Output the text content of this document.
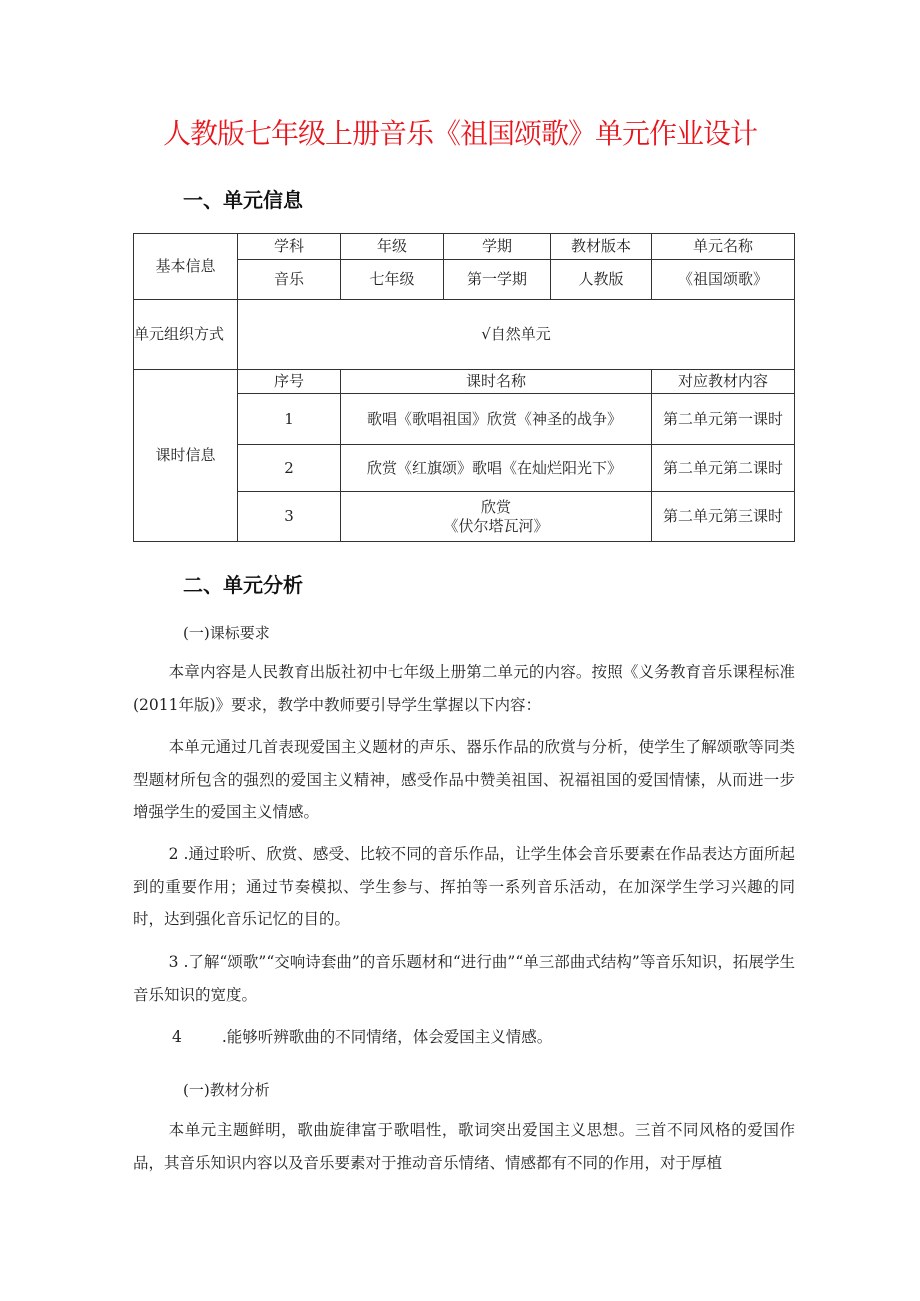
人教版七年级上册音乐《祖国颂歌》单元作业设计
一、单元信息
基本信息	学科	年级	学期	教材版本	单元名称
	音乐	七年级	第一学期	人教版	《祖国颂歌》
单元组织方式	√自然单元				
课时信息	序号	课时名称			对应教材内容
	1	歌唱《歌唱祖国》欣赏《神圣的战争》			第二单元第一课时
	2	欣赏《红旗颂》歌唱《在灿烂阳光下》			第二单元第二课时
	3	欣赏
《伏尔塔瓦河》			第二单元第三课时
二、单元分析
(一)课标要求

本章内容是人民教育出版社初中七年级上册第二单元的内容。按照《义务教育音乐课程标准(2011年版)》要求，教学中教师要引导学生掌握以下内容：

本单元通过几首表现爱国主义题材的声乐、器乐作品的欣赏与分析，使学生了解颂歌等同类型题材所包含的强烈的爱国主义精神，感受作品中赞美祖国、祝福祖国的爱国情愫，从而进一步增强学生的爱国主义情感。

2 .通过聆听、欣赏、感受、比较不同的音乐作品，让学生体会音乐要素在作品表达方面所起到的重要作用；通过节奏模拟、学生参与、挥拍等一系列音乐活动，在加深学生学习兴趣的同时，达到强化音乐记忆的目的。

3 .了解“颂歌”“交响诗套曲”的音乐题材和“进行曲”“单三部曲式结构”等音乐知识，拓展学生音乐知识的宽度。

4	.能够听辨歌曲的不同情绪，体会爱国主义情感。
(一)教材分析

本单元主题鲜明，歌曲旋律富于歌唱性，歌词突出爱国主义思想。三首不同风格的爱国作品，其音乐知识内容以及音乐要素对于推动音乐情绪、情感都有不同的作用，对于厚植
